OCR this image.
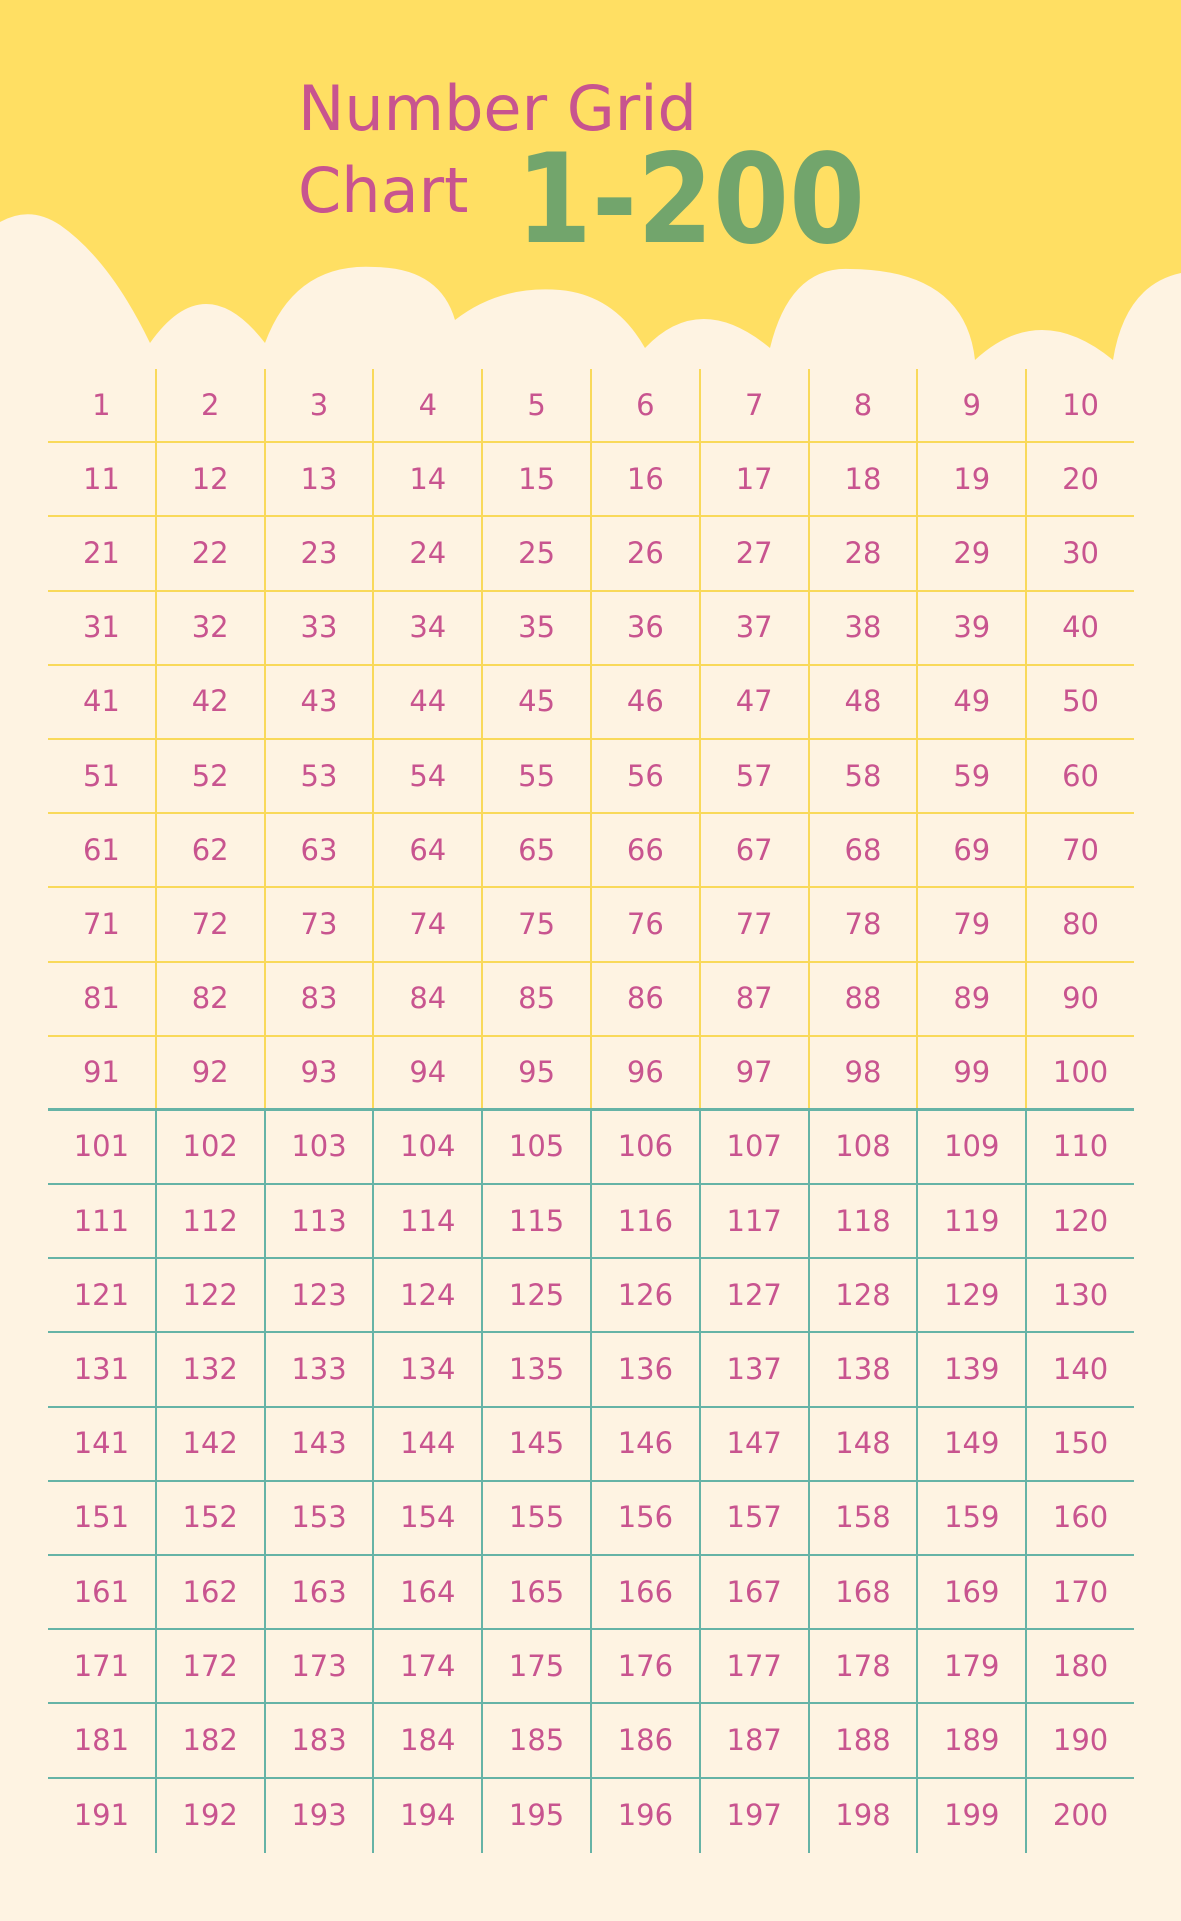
Number Grid
Chart 1-200
1	2	3	4	5	6	7	8	9	10
11	12	13	14	15	16	17	18	19	20
21	22	23	24	25	26	27	28	29	30
31	32	33	34	35	36	37	38	39	40
41	42	43	44	45	46	47	48	49	50
51	52	53	54	55	56	57	58	59	60
61	62	63	64	65	66	67	68	69	70
71	72	73	74	75	76	77	78	79	80
81	82	83	84	85	86	87	88	89	90
91	92	93	94	95	96	97	98	99	100
101	102	103	104	105	106	107	108	109	110
111	112	113	114	115	116	117	118	119	120
121	122	123	124	125	126	127	128	129	130
131	132	133	134	135	136	137	138	139	140
141	142	143	144	145	146	147	148	149	150
151	152	153	154	155	156	157	158	159	160
161	162	163	164	165	166	167	168	169	170
171	172	173	174	175	176	177	178	179	180
181	182	183	184	185	186	187	188	189	190
191	192	193	194	195	196	197	198	199	200
